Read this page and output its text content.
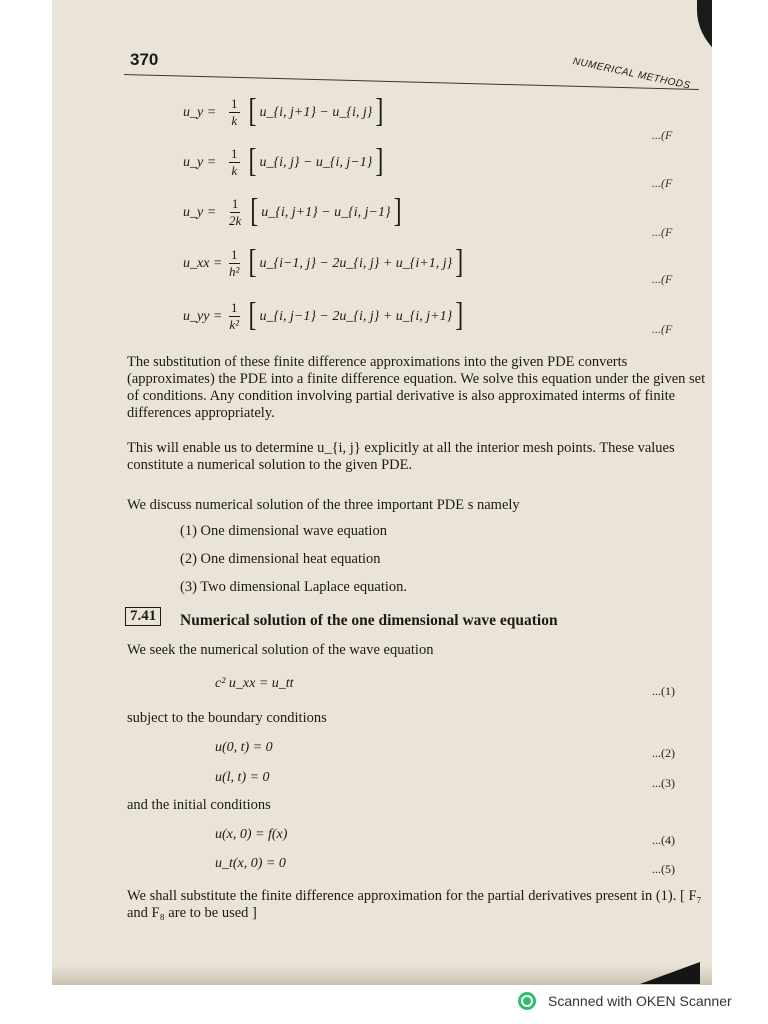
370	NUMERICAL METHODS
u_y = $\frac{1}{k}$ [ u_{i, j+1} − u_{i, j} ]
...(F
u_y = $\frac{1}{k}$ [ u_{i, j} − u_{i, j−1} ]
...(F
u_y = $\frac{1}{2k}$ [ u_{i, j+1} − u_{i, j−1} ]
...(F
u_xx = $\frac{1}{\text{h²}}$ [ u_{i−1, j} − 2u_{i, j} + u_{i+1, j} ]	...(F
u_yy = $\frac{1}{\text{k²}}$ [ u_{i, j−1} − 2u_{i, j} + u_{i, j+1} ]	...(F
The substitution of these finite difference approximations into the given PDE converts (approximates) the PDE into a finite difference equation. We solve this equation under the given set of conditions. Any condition involving partial derivative is also approximated interms of finite differences appropriately.
This will enable us to determine u_{i, j} explicitly at all the interior mesh points. These values constitute a numerical solution to the given PDE.
We discuss numerical solution of the three important PDE s namely
(1) One dimensional wave equation
(2) One dimensional heat equation
(3) Two dimensional Laplace equation.
7.41	Numerical solution of the one dimensional wave equation
We seek the numerical solution of the wave equation
c² u_xx = u_tt	...(1)
subject to the boundary conditions
u(0, t) = 0	...(2)
u(l, t) = 0	...(3)
and the initial conditions
u(x, 0) = f(x)	...(4)
u_t(x, 0) = 0	...(5)
We shall substitute the finite difference approximation for the partial derivatives present in (1). [ F₇ and F₈ are to be used ]
Scanned with OKEN Scanner
